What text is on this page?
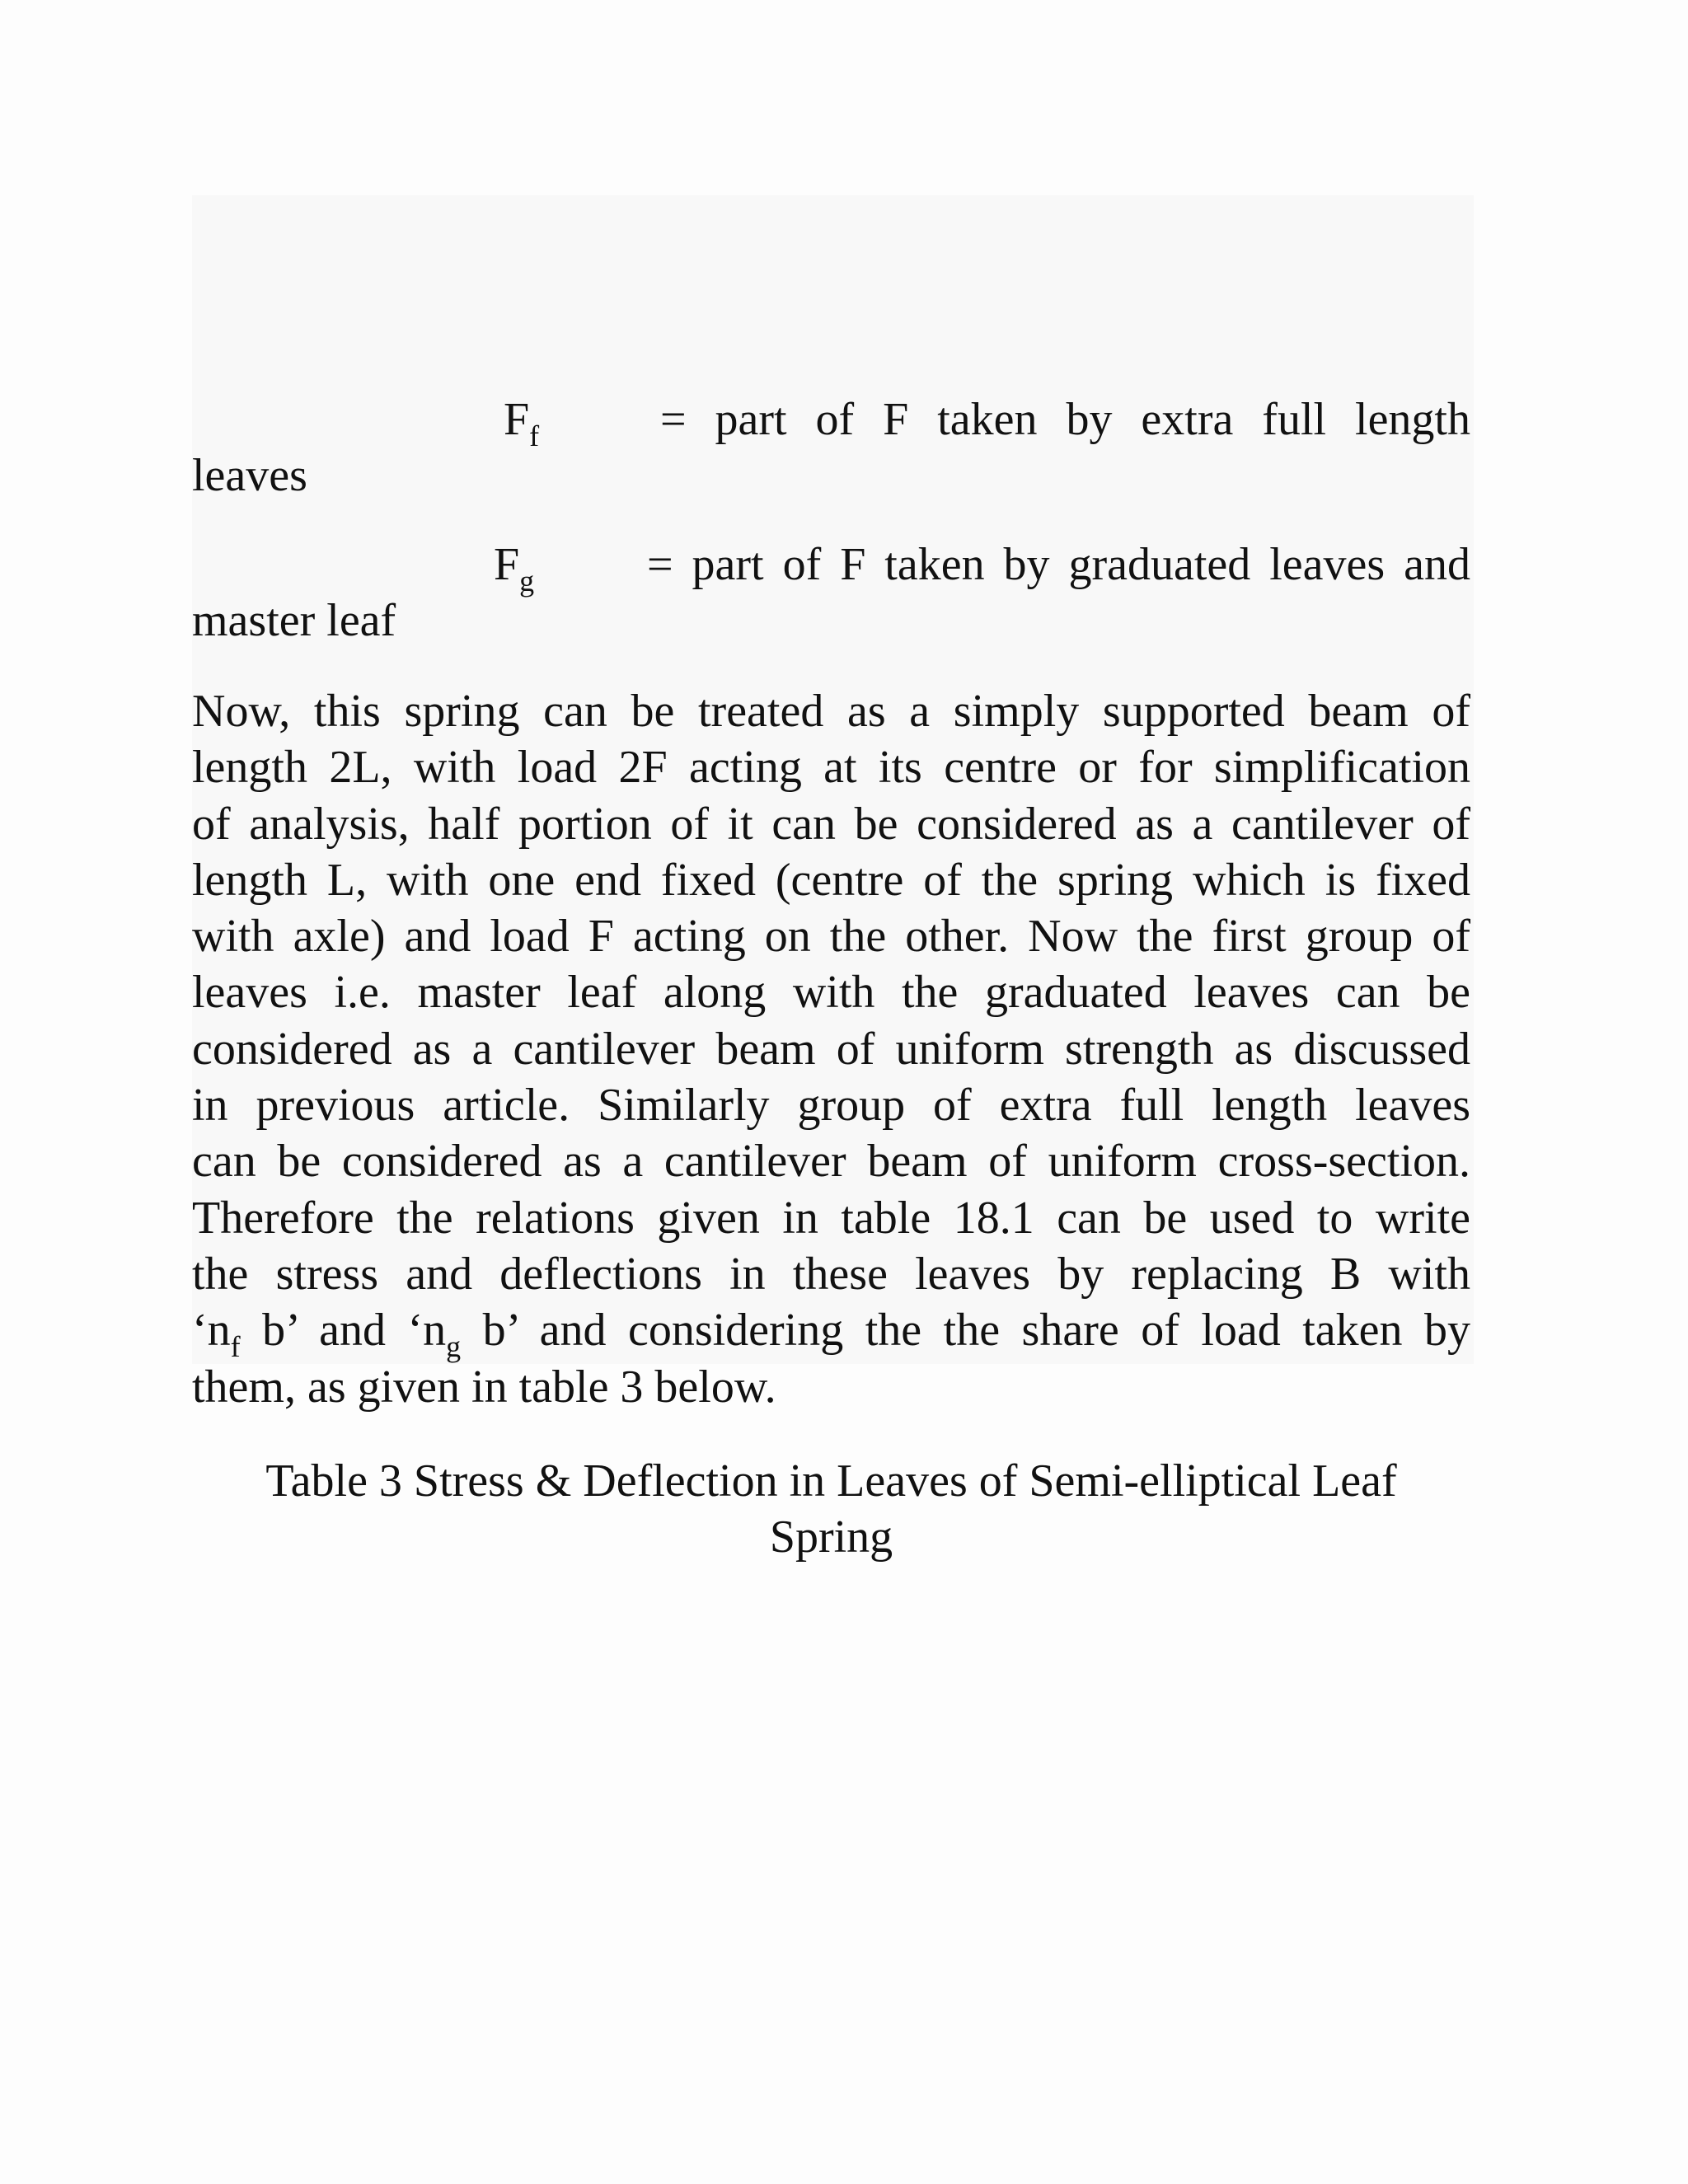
$F_f$	= part of F taken by extra full length
leaves
$F_g$ = part of F taken by graduated leaves and
master leaf
Now, this spring can be treated as a simply supported beam of
length 2L, with load 2F acting at its centre or for simplification
of analysis, half portion of it can be considered as a cantilever of
length L, with one end fixed (centre of the spring which is fixed
with axle) and load F acting on the other. Now the first group of
leaves i.e. master leaf along with the graduated leaves can be
considered as a cantilever beam of uniform strength as discussed
in previous article. Similarly group of extra full length leaves
can be considered as a cantilever beam of uniform cross-section.
Therefore the relations given in table 18.1 can be used to write
the stress and deflections in these leaves by replacing B with
‘$n_f$ b’ and ‘$n_g$ b’ and considering the the share of load taken by
them, as given in table 3 below.
Table 3 Stress & Deflection in Leaves of Semi-elliptical Leaf
Spring
